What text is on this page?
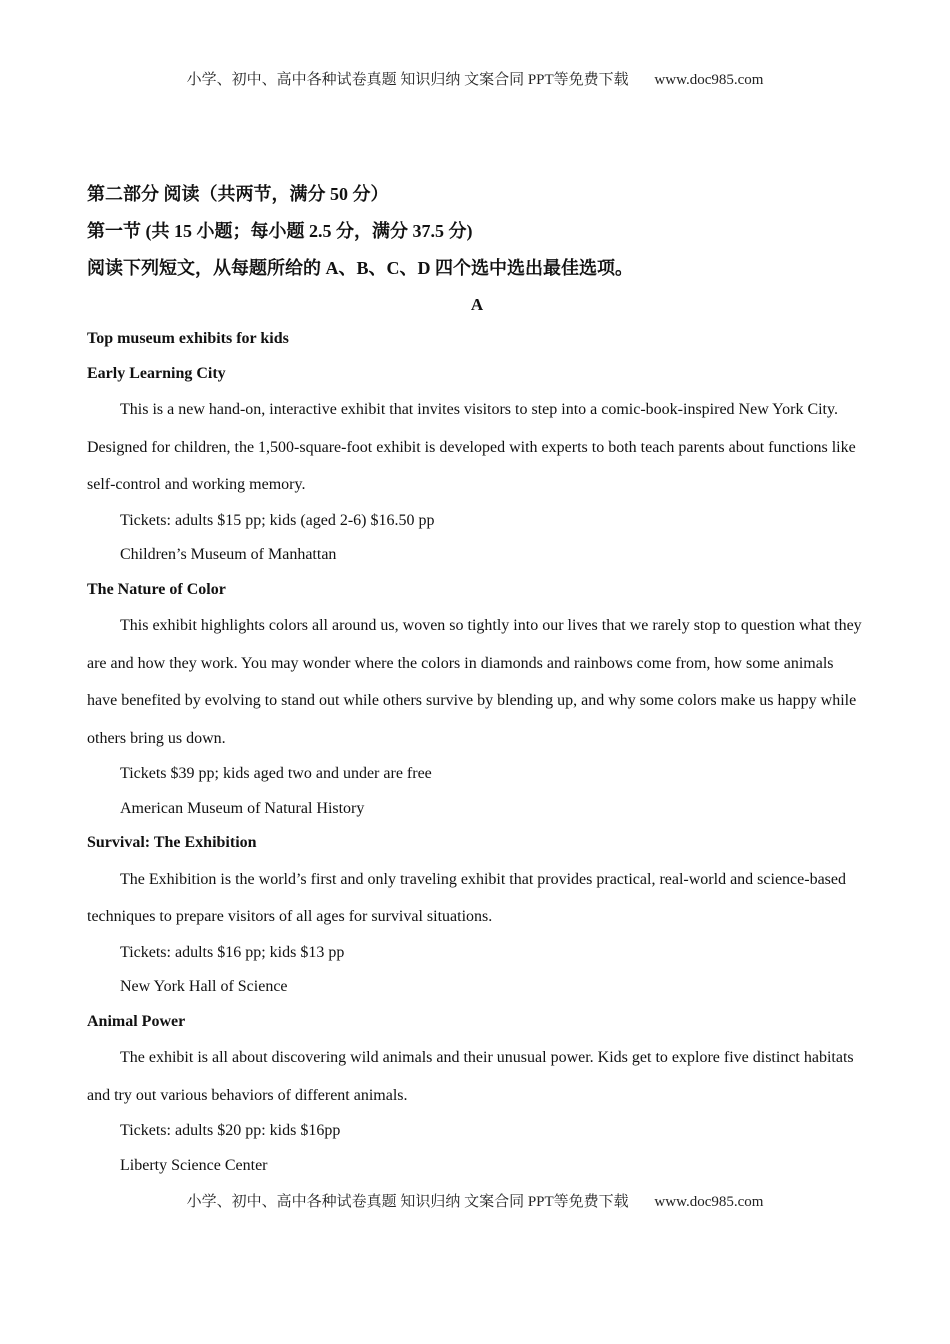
小学、初中、高中各种试卷真题 知识归纳 文案合同 PPT等免费下载 www.doc985.com
第二部分 阅读（共两节，满分 50 分）
第一节 (共 15 小题；每小题 2.5 分，满分 37.5 分)
阅读下列短文，从每题所给的 A、B、C、D 四个选中选出最佳选项。
A
Top museum exhibits for kids
Early Learning City

This is a new hand-on, interactive exhibit that invites visitors to step into a comic-book-inspired New York City. Designed for children, the 1,500-square-foot exhibit is developed with experts to both teach parents about functions like self-control and working memory.

Tickets: adults $15 pp; kids (aged 2-6) $16.50 pp
Children’s Museum of Manhattan
The Nature of Color

This exhibit highlights colors all around us, woven so tightly into our lives that we rarely stop to question what they are and how they work. You may wonder where the colors in diamonds and rainbows come from, how some animals have benefited by evolving to stand out while others survive by blending up, and why some colors make us happy while others bring us down.

Tickets $39 pp; kids aged two and under are free
American Museum of Natural History
Survival: The Exhibition

The Exhibition is the world’s first and only traveling exhibit that provides practical, real-world and science-based techniques to prepare visitors of all ages for survival situations.

Tickets: adults $16 pp; kids $13 pp
New York Hall of Science
Animal Power

The exhibit is all about discovering wild animals and their unusual power. Kids get to explore five distinct habitats and try out various behaviors of different animals.

Tickets: adults $20 pp: kids $16pp
Liberty Science Center
小学、初中、高中各种试卷真题 知识归纳 文案合同 PPT等免费下载 www.doc985.com
